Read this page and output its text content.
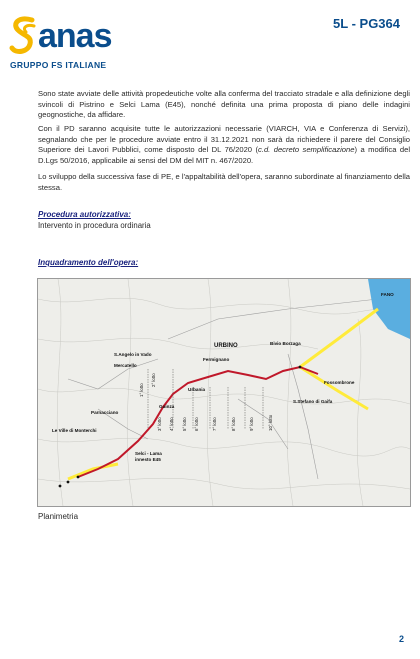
anas
GRUPPO FS ITALIANE
5L - PG364
Sono state avviate delle attività propedeutiche volte alla conferma del tracciato stradale e alla definizione degli svincoli di Pistrino e Selci Lama (E45), nonché definita una prima proposta di piano delle indagini geognostiche, da affidare.
Con il PD saranno acquisite tutte le autorizzazioni necessarie (VIARCH, VIA e Conferenza di Servizi), segnalando che per le procedure avviate entro il 31.12.2021 non sarà da richiedere il parere del Consiglio Superiore dei Lavori Pubblici, come disposto del DL 76/2020 (c.d. decreto semplificazione) a modifica del D.Lgs 50/2016, applicabile ai sensi del DM del MIT n. 467/2020.
Lo sviluppo della successiva fase di PE, e l'appaltabilità dell'opera, saranno subordinate al finanziamento della stessa.
Procedura autorizzativa:
Intervento in procedura ordinaria
Inquadramento dell'opera:
FANO
URBINO	Bivio Borzaga
Fermignano
Fossombrone
S.Stefano di Gaifa
Urbania
S.Angelo in Vado
Mercatello
Guinza
Parnacciano
Le Ville di Monterchi
Selci - Lama
innesto E45
1° lotto
2° lotto
3° lotto 4° lotto 5° lotto 6° lotto	7° lotto	8° lotto	9° lotto	10° lotto
Planimetria
2
